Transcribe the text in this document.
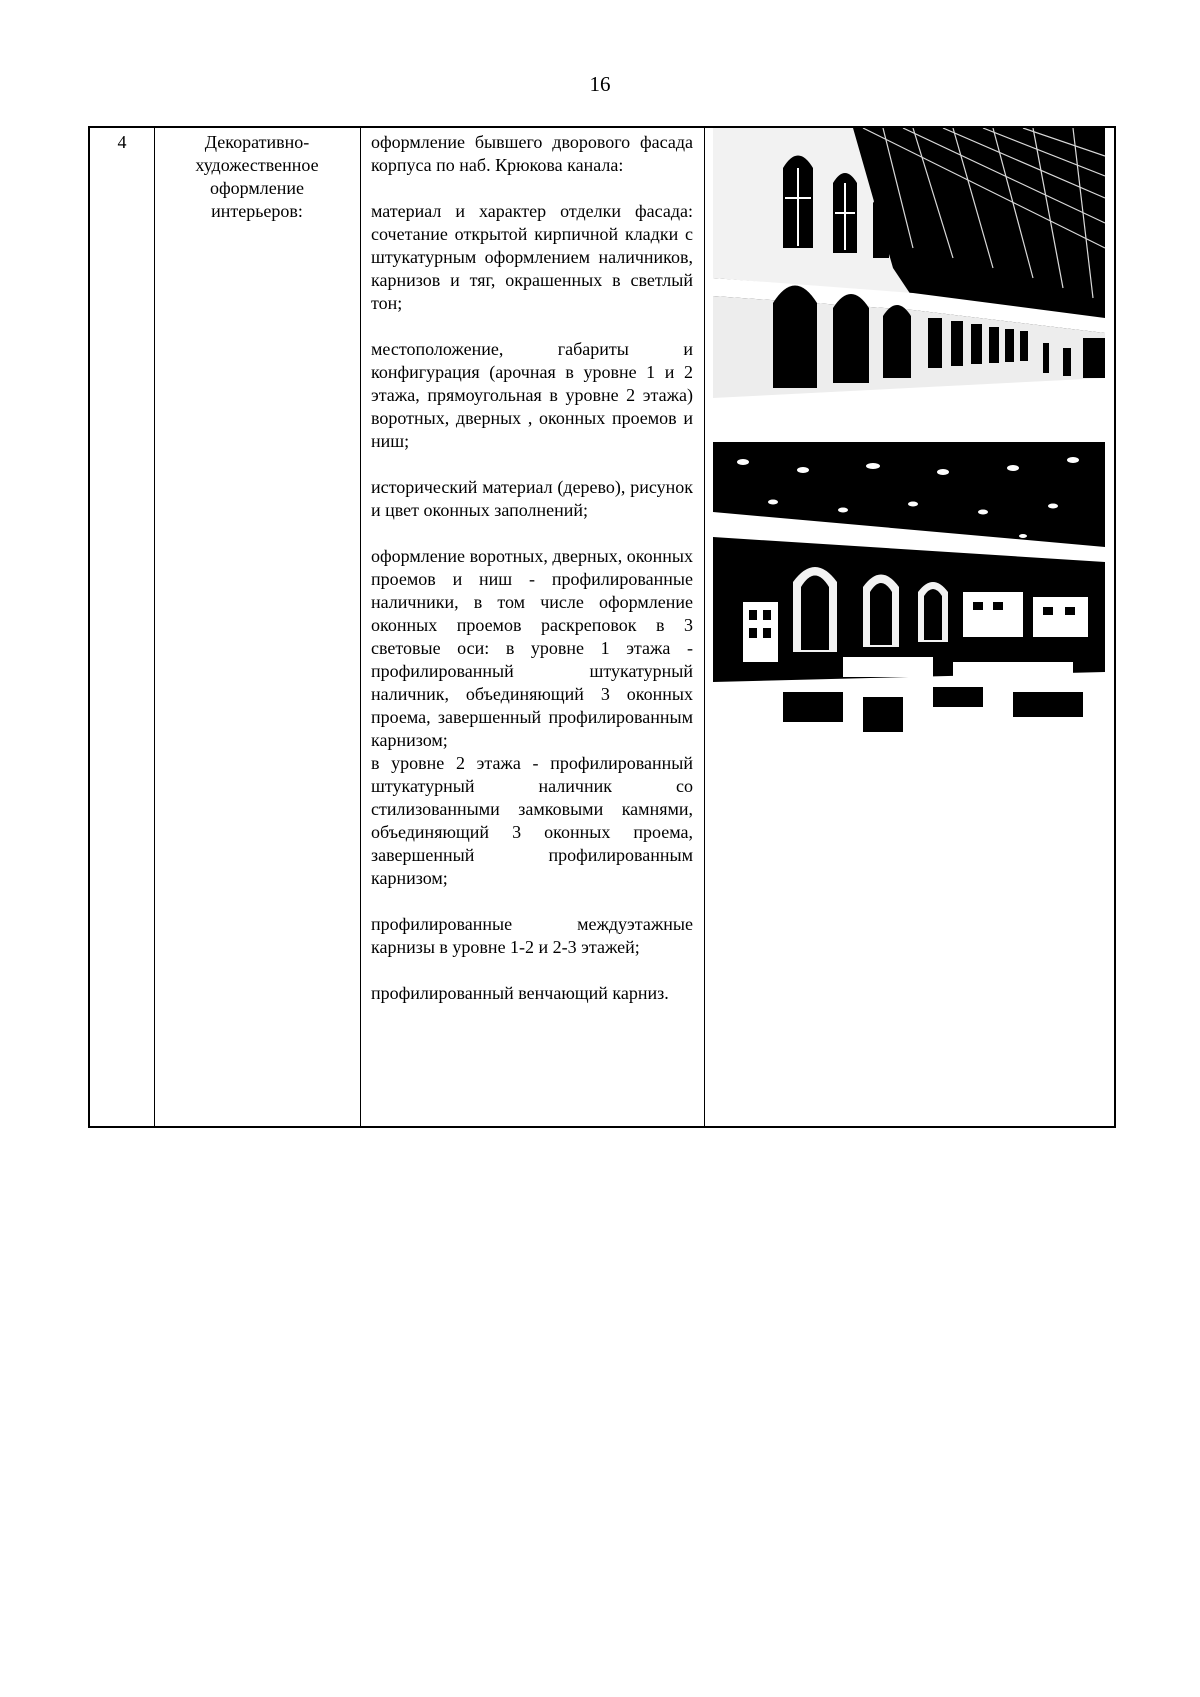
16
4	Декоративно-
художественное
оформление
интерьеров:

оформление бывшего дворового фасада корпуса по наб. Крюкова канала:

материал и характер отделки фасада: сочетание открытой кирпичной кладки с штукатурным оформлением наличников, карнизов и тяг, окрашенных в светлый тон;

местоположение, габариты и конфигурация (арочная в уровне 1 и 2 этажа, прямоугольная в уровне 2 этажа) воротных, дверных , оконных проемов и ниш;

исторический материал (дерево), рисунок и цвет оконных заполнений;

оформление воротных, дверных, оконных проемов и ниш - профилированные наличники, в том числе оформление оконных проемов раскреповок в 3 световые оси: в уровне 1 этажа - профилированный штукатурный наличник, объединяющий 3 оконных проема, завершенный профилированным карнизом;

в уровне 2 этажа - профилированный штукатурный наличник со стилизованными замковыми камнями, объединяющий 3 оконных проема, завершенный профилированным карнизом;

профилированные междуэтажные карнизы в уровне 1-2 и 2-3 этажей;

профилированный венчающий карниз.
